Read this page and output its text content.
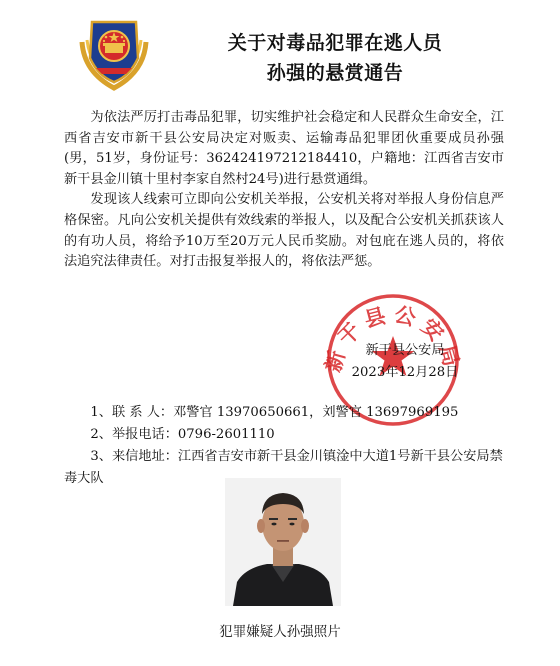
关于对毒品犯罪在逃人员
孙强的悬赏通告

为依法严厉打击毒品犯罪，切实维护社会稳定和人民群众生命安全，江西省吉安市新干县公安局决定对贩卖、运输毒品犯罪团伙重要成员孙强(男，51岁，身份证号：362424197212184410，户籍地：江西省吉安市新干县金川镇十里村李家自然村24号)进行悬赏通缉。

发现该人线索可立即向公安机关举报，公安机关将对举报人身份信息严格保密。凡向公安机关提供有效线索的举报人，以及配合公安机关抓获该人的有功人员，将给予10万至20万元人民币奖励。对包庇在逃人员的，将依法追究法律责任。对打击报复举报人的，将依法严惩。

新干县公安局
新干县公安局
2023年12月28日
1、联 系 人：邓警官 13970650661，刘警官 13697969195
2、举报电话：0796-2601110
3、来信地址：江西省吉安市新干县金川镇淦中大道1号新干县公安局禁毒大队
犯罪嫌疑人孙强照片
